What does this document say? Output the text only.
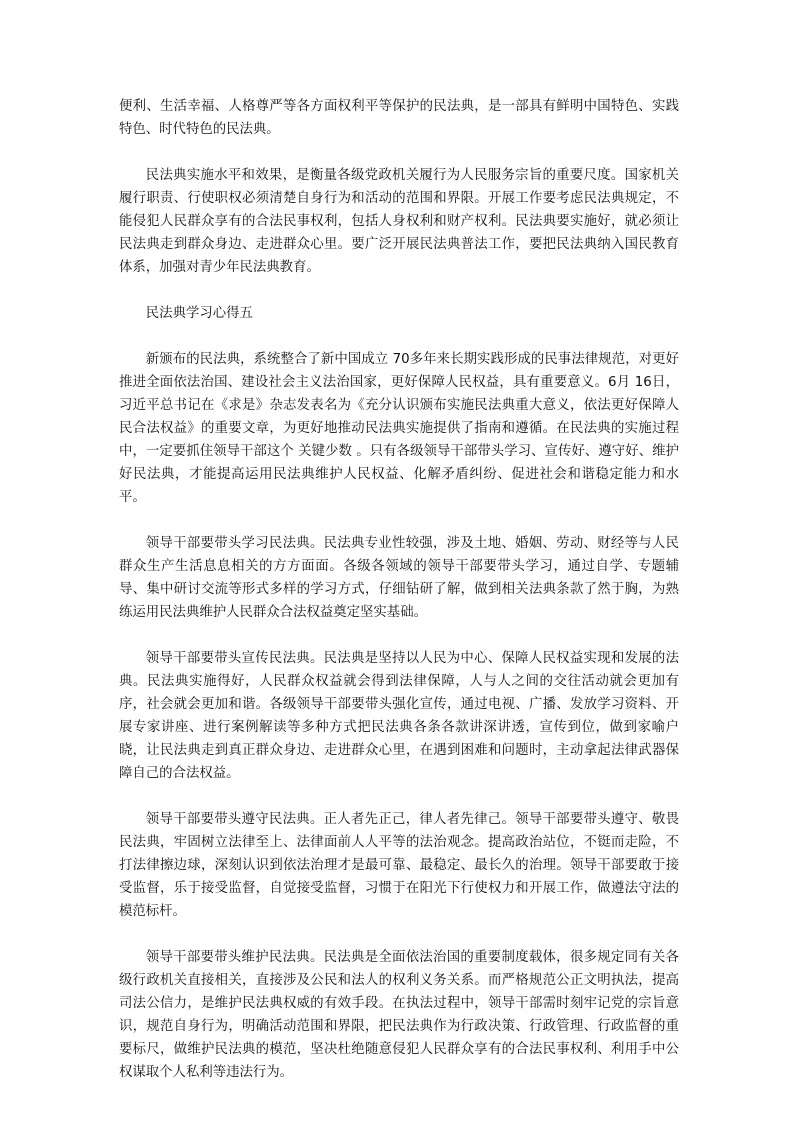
便利、生活幸福、人格尊严等各方面权利平等保护的民法典，是一部具有鲜明中国特色、实践特色、时代特色的民法典。

民法典实施水平和效果，是衡量各级党政机关履行为人民服务宗旨的重要尺度。国家机关履行职责、行使职权必须清楚自身行为和活动的范围和界限。开展工作要考虑民法典规定，不能侵犯人民群众享有的合法民事权利，包括人身权利和财产权利。民法典要实施好，就必须让民法典走到群众身边、走进群众心里。要广泛开展民法典普法工作，要把民法典纳入国民教育体系，加强对青少年民法典教育。

民法典学习心得五

新颁布的民法典，系统整合了新中国成立 70多年来长期实践形成的民事法律规范，对更好推进全面依法治国、建设社会主义法治国家，更好保障人民权益，具有重要意义。6月 16日，习近平总书记在《求是》杂志发表名为《充分认识颁布实施民法典重大意义，依法更好保障人民合法权益》的重要文章，为更好地推动民法典实施提供了指南和遵循。在民法典的实施过程中，一定要抓住领导干部这个 关键少数 。只有各级领导干部带头学习、宣传好、遵守好、维护好民法典，才能提高运用民法典维护人民权益、化解矛盾纠纷、促进社会和谐稳定能力和水平。

领导干部要带头学习民法典。民法典专业性较强，涉及土地、婚姻、劳动、财经等与人民群众生产生活息息相关的方方面面。各级各领域的领导干部要带头学习，通过自学、专题辅导、集中研讨交流等形式多样的学习方式，仔细钻研了解，做到相关法典条款了然于胸，为熟练运用民法典维护人民群众合法权益奠定坚实基础。

领导干部要带头宣传民法典。民法典是坚持以人民为中心、保障人民权益实现和发展的法典。民法典实施得好，人民群众权益就会得到法律保障，人与人之间的交往活动就会更加有序，社会就会更加和谐。各级领导干部要带头强化宣传，通过电视、广播、发放学习资料、开展专家讲座、进行案例解读等多种方式把民法典各条各款讲深讲透，宣传到位，做到家喻户晓，让民法典走到真正群众身边、走进群众心里，在遇到困难和问题时，主动拿起法律武器保障自己的合法权益。

领导干部要带头遵守民法典。正人者先正己，律人者先律己。领导干部要带头遵守、敬畏民法典，牢固树立法律至上、法律面前人人平等的法治观念。提高政治站位，不铤而走险，不打法律擦边球，深刻认识到依法治理才是最可靠、最稳定、最长久的治理。领导干部要敢于接受监督，乐于接受监督，自觉接受监督，习惯于在阳光下行使权力和开展工作，做遵法守法的模范标杆。

领导干部要带头维护民法典。民法典是全面依法治国的重要制度载体，很多规定同有关各级行政机关直接相关，直接涉及公民和法人的权利义务关系。而严格规范公正文明执法，提高司法公信力，是维护民法典权威的有效手段。在执法过程中，领导干部需时刻牢记党的宗旨意识，规范自身行为，明确活动范围和界限，把民法典作为行政决策、行政管理、行政监督的重要标尺，做维护民法典的模范，坚决杜绝随意侵犯人民群众享有的合法民事权利、利用手中公权谋取个人私利等违法行为。
